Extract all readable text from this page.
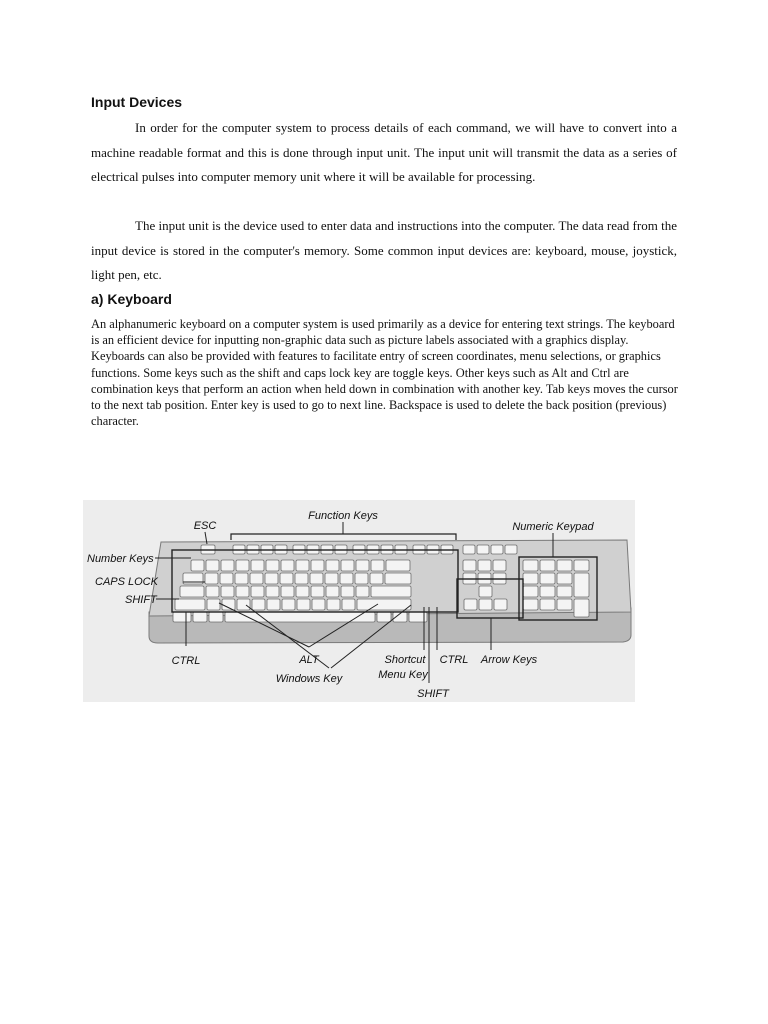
Input Devices

In order for the computer system to process details of each command, we will have to convert into a machine readable format and this is done through input unit. The input unit will transmit the data as a series of electrical pulses into computer memory unit where it will be available for processing.

The input unit is the device used to enter data and instructions into the computer. The data read from the input device is stored in the computer's memory. Some common input devices are: keyboard, mouse, joystick, light pen, etc.

a) Keyboard

An alphanumeric keyboard on a computer system is used primarily as a device for entering text strings. The keyboard is an efficient device for inputting non-graphic data such as picture labels associated with a graphics display. Keyboards can also be provided with features to facilitate entry of screen coordinates, menu selections, or graphics functions. Some keys such as the shift and caps lock key are toggle keys. Other keys such as Alt and Ctrl are combination keys that perform an action when held down in combination with another key. Tab keys moves the cursor to the next tab position. Enter key is used to go to next line. Backspace is used to delete the back position (previous) character.

ESC
Function Keys
Numeric Keypad
Number Keys
CAPS LOCK
SHIFT
CTRL	ALT
Windows Key
Shortcut
Menu Key
CTRL
SHIFT
Arrow Keys
